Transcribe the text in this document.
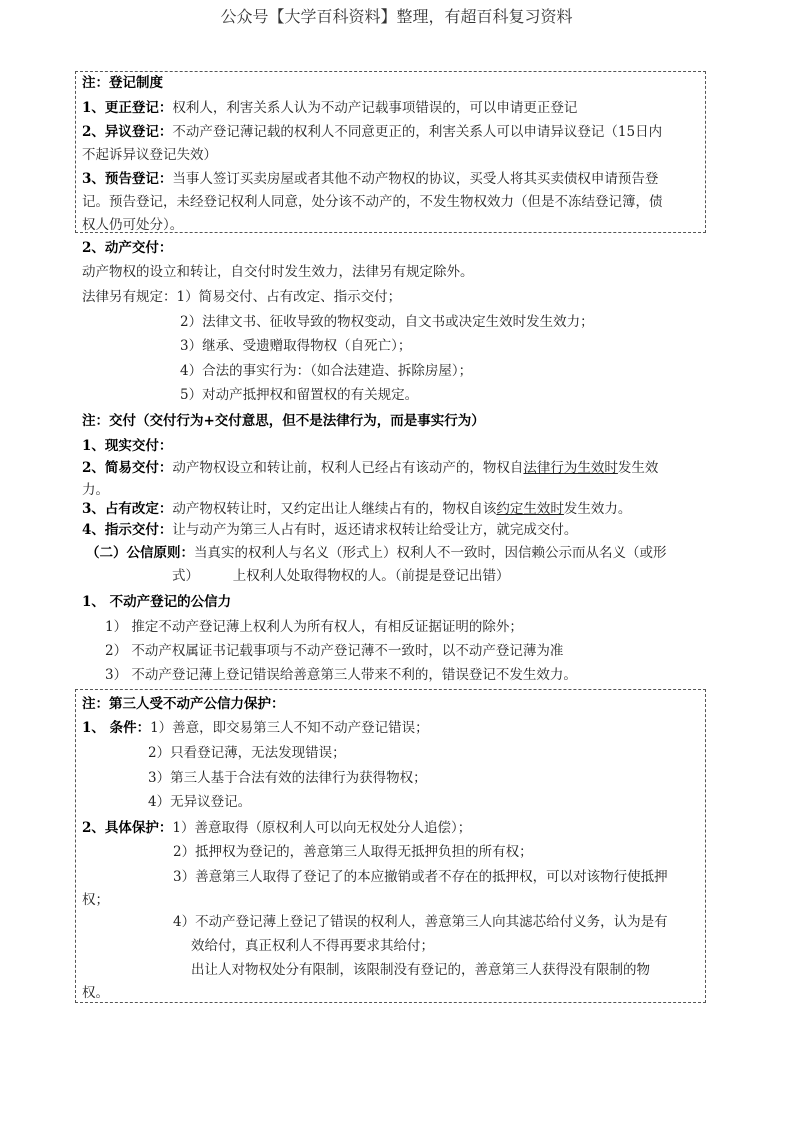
公众号【大学百科资料】整理，有超百科复习资料
注：登记制度
1、更正登记：权利人，利害关系人认为不动产记载事项错误的，可以申请更正登记
2、异议登记：不动产登记薄记载的权利人不同意更正的，利害关系人可以申请异议登记（15日内
不起诉异议登记失效）
3、预告登记：当事人签订买卖房屋或者其他不动产物权的协议，买受人将其买卖债权申请预告登
记。预告登记，未经登记权利人同意，处分该不动产的，不发生物权效力（但是不冻结登记簿，债
权人仍可处分）。
2、动产交付：
动产物权的设立和转让，自交付时发生效力，法律另有规定除外。
法律另有规定：1）简易交付、占有改定、指示交付；
2）法律文书、征收导致的物权变动，自文书或决定生效时发生效力；
3）继承、受遗赠取得物权（自死亡）；
4）合法的事实行为：（如合法建造、拆除房屋）；
5）对动产抵押权和留置权的有关规定。
注：交付（交付行为+交付意思，但不是法律行为，而是事实行为）
1、现实交付：
2、简易交付：动产物权设立和转让前，权利人已经占有该动产的，物权自法律行为生效时发生效
力。
3、占有改定：动产物权转让时，又约定出让人继续占有的，物权自该约定生效时发生效力。
4、指示交付：让与动产为第三人占有时，返还请求权转让给受让方，就完成交付。
（二）公信原则：当真实的权利人与名义（形式上）权利人不一致时，因信赖公示而从名义（或形
式）　　　上权利人处取得物权的人。（前提是登记出错）
1、 不动产登记的公信力
1） 推定不动产登记薄上权利人为所有权人，有相反证据证明的除外；
2） 不动产权属证书记载事项与不动产登记薄不一致时，以不动产登记薄为准
3） 不动产登记薄上登记错误给善意第三人带来不利的，错误登记不发生效力。
注：第三人受不动产公信力保护：
1、 条件：1）善意，即交易第三人不知不动产登记错误；
2）只看登记薄，无法发现错误；
3）第三人基于合法有效的法律行为获得物权；
4）无异议登记。
2、具体保护：1）善意取得（原权利人可以向无权处分人追偿）；
2）抵押权为登记的，善意第三人取得无抵押负担的所有权；
3）善意第三人取得了登记了的本应撤销或者不存在的抵押权，可以对该物行使抵押
权；
4）不动产登记薄上登记了错误的权利人，善意第三人向其滤芯给付义务，认为是有
效给付，真正权利人不得再要求其给付；
出让人对物权处分有限制，该限制没有登记的，善意第三人获得没有限制的物
权。
